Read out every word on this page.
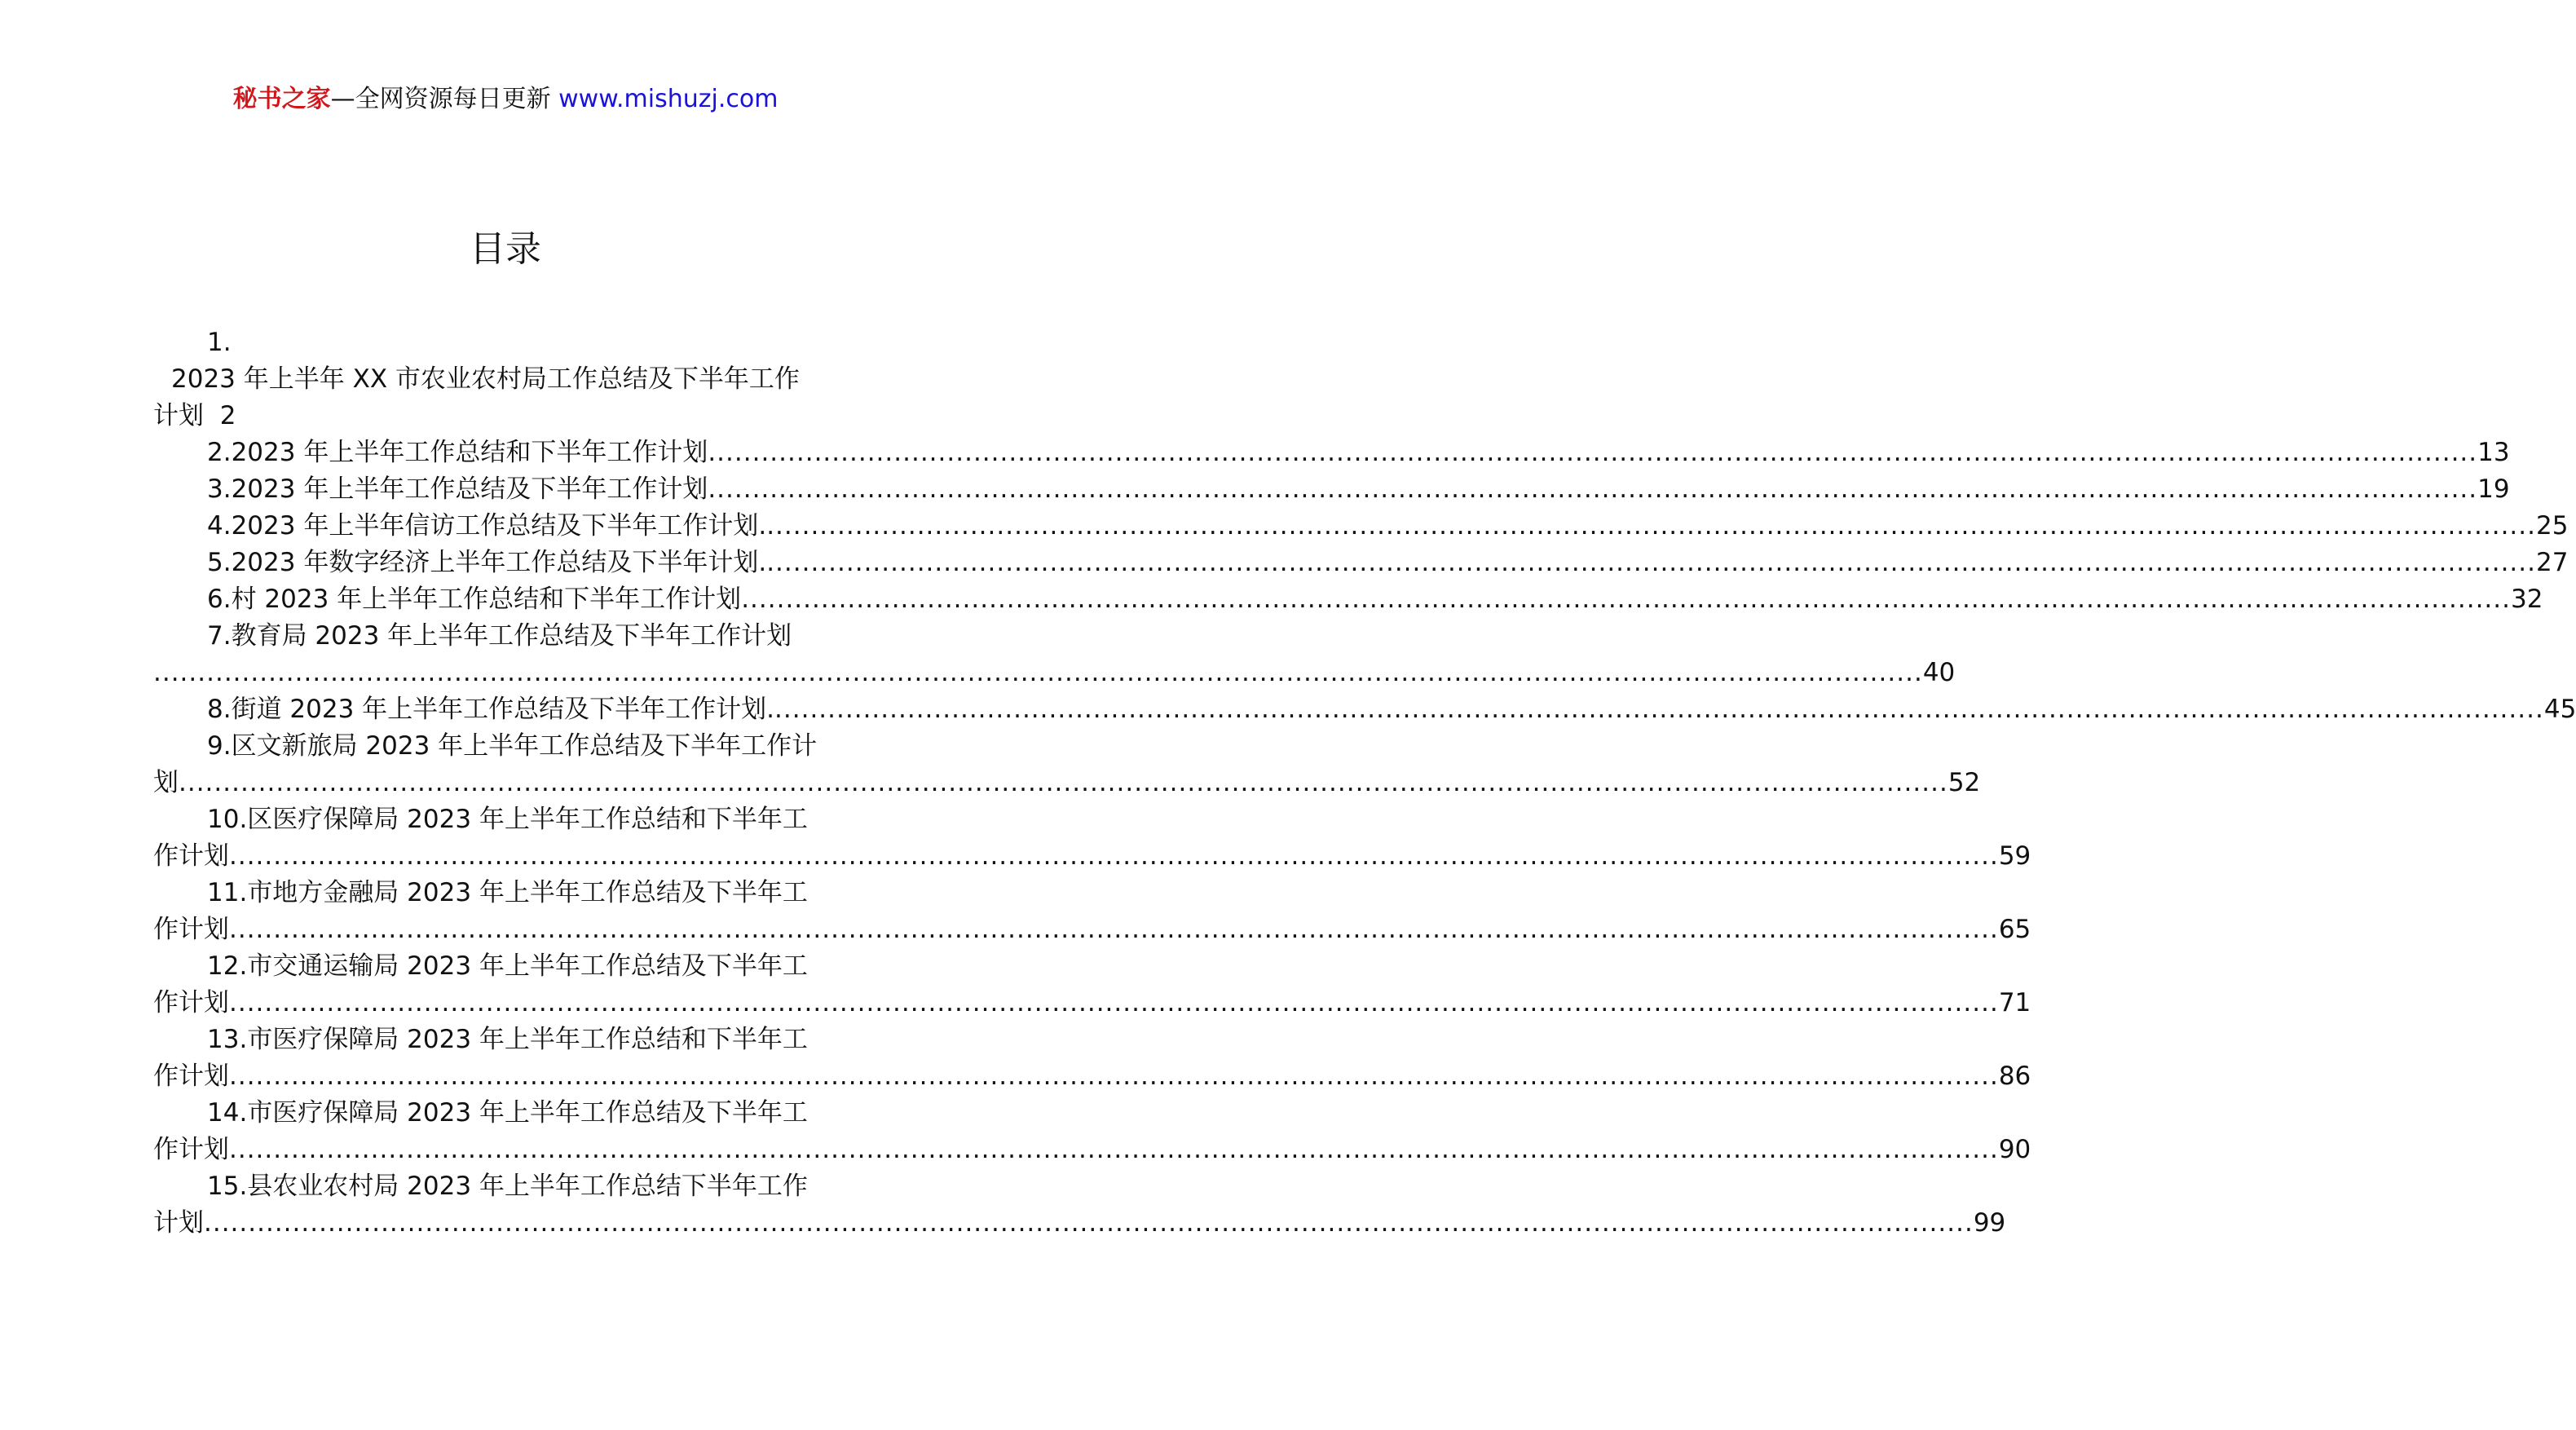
秘书之家—全网资源每日更新 www.mishuzj.com
目录
1.
2023 年上半年 XX 市农业农村局工作总结及下半年工作
计划 2
2.2023 年上半年工作总结和下半年工作计划 ........................................................................................................................................................................................................ 13
3.2023 年上半年工作总结及下半年工作计划 ........................................................................................................................................................................................................ 19
4.2023 年上半年信访工作总结及下半年工作计划. ........................................................................................................................................................................................................ 25
5.2023 年数字经济上半年工作总结及下半年计划. ........................................................................................................................................................................................................ 27
6.村 2023 年上半年工作总结和下半年工作计划 ........................................................................................................................................................................................................ 32
7.教育局 2023 年上半年工作总结及下半年工作计划
........................................................................................................................................................................................................ 40
8.街道 2023 年上半年工作总结及下半年工作计划. ........................................................................................................................................................................................................ 45
9.区文新旅局 2023 年上半年工作总结及下半年工作计
划 ........................................................................................................................................................................................................ 52
10.区医疗保障局 2023 年上半年工作总结和下半年工
作计划 ........................................................................................................................................................................................................ 59
11.市地方金融局 2023 年上半年工作总结及下半年工
作计划 ........................................................................................................................................................................................................ 65
12.市交通运输局 2023 年上半年工作总结及下半年工
作计划 ........................................................................................................................................................................................................ 71
13.市医疗保障局 2023 年上半年工作总结和下半年工
作计划 ........................................................................................................................................................................................................ 86
14.市医疗保障局 2023 年上半年工作总结及下半年工
作计划 ........................................................................................................................................................................................................ 90
15.县农业农村局 2023 年上半年工作总结下半年工作
计划 ........................................................................................................................................................................................................ 99
